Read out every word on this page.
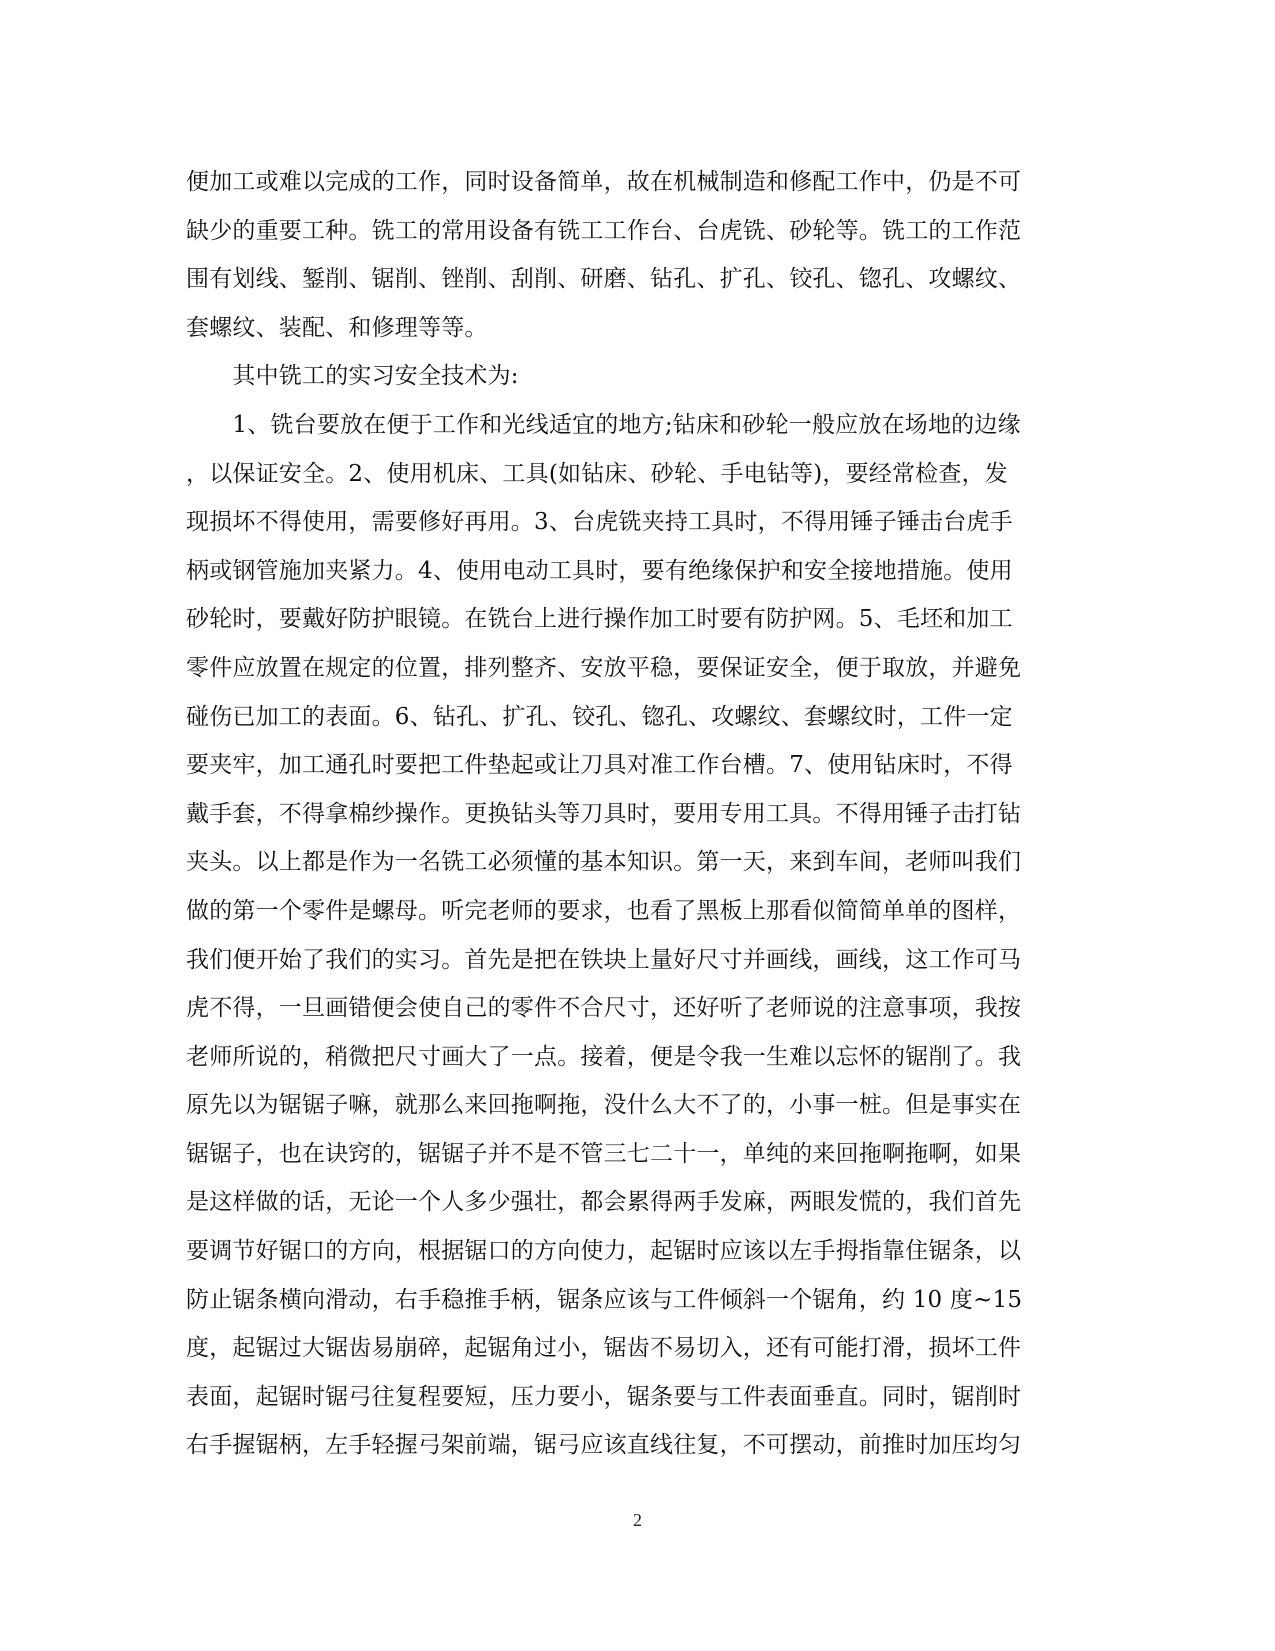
便加工或难以完成的工作，同时设备简单，故在机械制造和修配工作中，仍是不可
缺少的重要工种。铣工的常用设备有铣工工作台、台虎铣、砂轮等。铣工的工作范
围有划线、錾削、锯削、锉削、刮削、研磨、钻孔、扩孔、铰孔、锪孔、攻螺纹、
套螺纹、装配、和修理等等。
　　其中铣工的实习安全技术为:
　　1、铣台要放在便于工作和光线适宜的地方;钻床和砂轮一般应放在场地的边缘
，以保证安全。2、使用机床、工具(如钻床、砂轮、手电钻等)，要经常检查，发
现损坏不得使用，需要修好再用。3、台虎铣夹持工具时，不得用锤子锤击台虎手
柄或钢管施加夹紧力。4、使用电动工具时，要有绝缘保护和安全接地措施。使用
砂轮时，要戴好防护眼镜。在铣台上进行操作加工时要有防护网。5、毛坯和加工
零件应放置在规定的位置，排列整齐、安放平稳，要保证安全，便于取放，并避免
碰伤已加工的表面。6、钻孔、扩孔、铰孔、锪孔、攻螺纹、套螺纹时，工件一定
要夹牢，加工通孔时要把工件垫起或让刀具对准工作台槽。7、使用钻床时，不得
戴手套，不得拿棉纱操作。更换钻头等刀具时，要用专用工具。不得用锤子击打钻
夹头。以上都是作为一名铣工必须懂的基本知识。第一天，来到车间，老师叫我们
做的第一个零件是螺母。听完老师的要求，也看了黑板上那看似简简单单的图样，
我们便开始了我们的实习。首先是把在铁块上量好尺寸并画线，画线，这工作可马
虎不得，一旦画错便会使自己的零件不合尺寸，还好听了老师说的注意事项，我按
老师所说的，稍微把尺寸画大了一点。接着，便是令我一生难以忘怀的锯削了。我
原先以为锯锯子嘛，就那么来回拖啊拖，没什么大不了的，小事一桩。但是事实在
锯锯子，也在诀窍的，锯锯子并不是不管三七二十一，单纯的来回拖啊拖啊，如果
是这样做的话，无论一个人多少强壮，都会累得两手发麻，两眼发慌的，我们首先
要调节好锯口的方向，根据锯口的方向使力，起锯时应该以左手拇指靠住锯条，以
防止锯条横向滑动，右手稳推手柄，锯条应该与工件倾斜一个锯角，约 10 度~15
度，起锯过大锯齿易崩碎，起锯角过小，锯齿不易切入，还有可能打滑，损坏工件
表面，起锯时锯弓往复程要短，压力要小，锯条要与工件表面垂直。同时，锯削时
右手握锯柄，左手轻握弓架前端，锯弓应该直线往复，不可摆动，前推时加压均匀
2
